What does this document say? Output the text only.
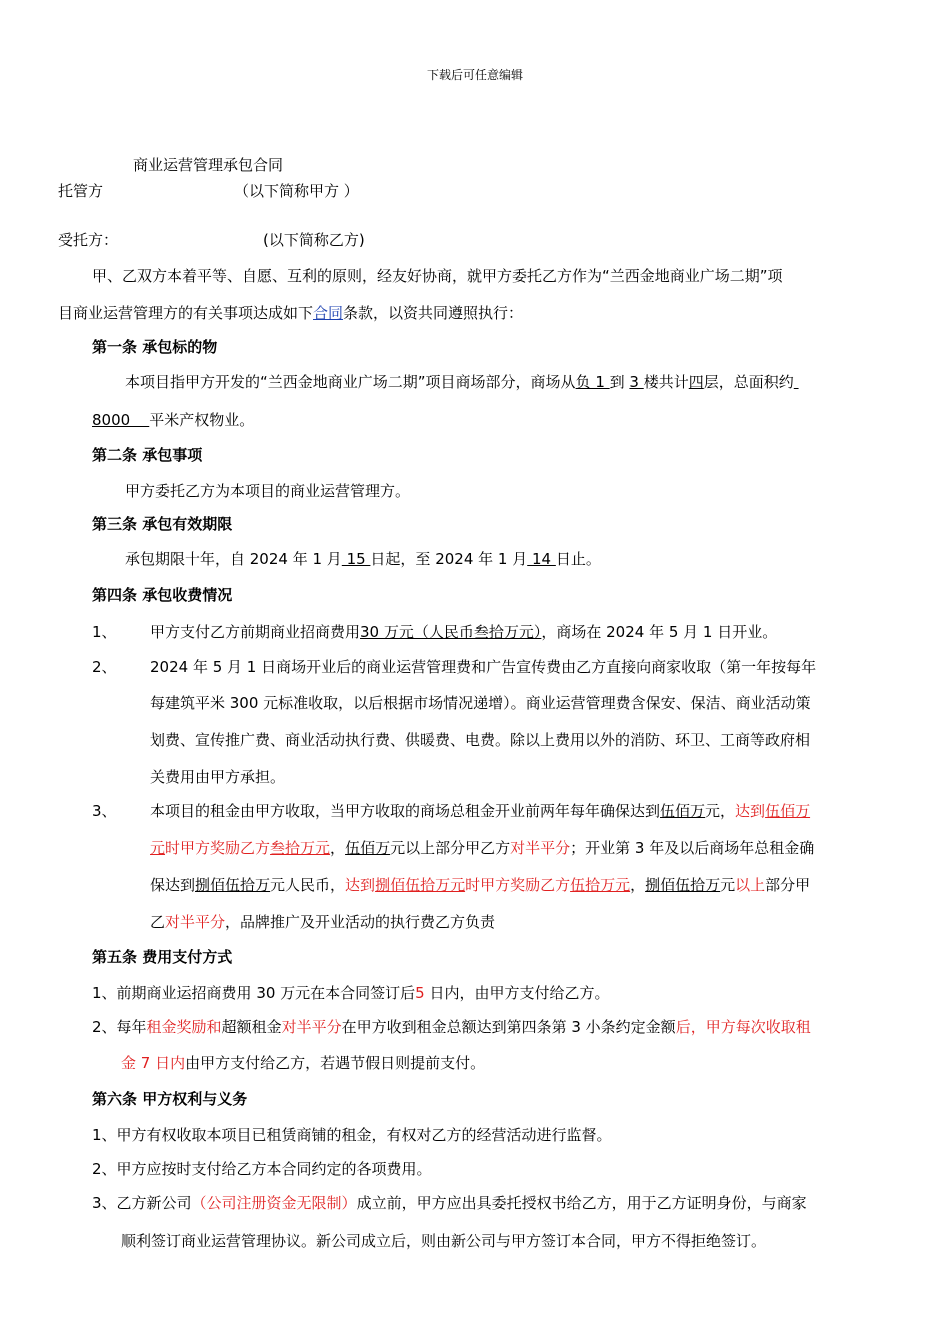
下载后可任意编辑
商业运营管理承包合同
托管方	（以下简称甲方 ）
受托方：	(以下简称乙方)
甲、乙双方本着平等、自愿、互利的原则，经友好协商，就甲方委托乙方作为“兰西金地商业广场二期”项
目商业运营管理方的有关事项达成如下合同条款，以资共同遵照执行：
第一条 承包标的物
本项目指甲方开发的“兰西金地商业广场二期”项目商场部分，商场从负 1 到 3 楼共计四层，总面积约
8000    平米产权物业。
第二条 承包事项
甲方委托乙方为本项目的商业运营管理方。
第三条 承包有效期限
承包期限十年，自 2024 年 1 月 15 日起，至 2024 年 1 月 14 日止。
第四条 承包收费情况
1、 甲方支付乙方前期商业招商费用30 万元（人民币叁拾万元），商场在 2024 年 5 月 1 日开业。
2、 2024 年 5 月 1 日商场开业后的商业运营管理费和广告宣传费由乙方直接向商家收取（第一年按每年
每建筑平米 300 元标准收取，以后根据市场情况递增）。商业运营管理费含保安、保洁、商业活动策
划费、宣传推广费、商业活动执行费、供暖费、电费。除以上费用以外的消防、环卫、工商等政府相
关费用由甲方承担。
3、 本项目的租金由甲方收取，当甲方收取的商场总租金开业前两年每年确保达到伍佰万元，达到伍佰万
元时甲方奖励乙方叁拾万元，伍佰万元以上部分甲乙方对半平分；开业第 3 年及以后商场年总租金确
保达到捌佰伍拾万元人民币，达到捌佰伍拾万元时甲方奖励乙方伍拾万元，捌佰伍拾万元以上部分甲
乙对半平分，品牌推广及开业活动的执行费乙方负责
第五条 费用支付方式
1、前期商业运招商费用 30 万元在本合同签订后5 日内，由甲方支付给乙方。
2、每年租金奖励和超额租金对半平分在甲方收到租金总额达到第四条第 3 小条约定金额后，甲方每次收取租
金 7 日内由甲方支付给乙方，若遇节假日则提前支付。
第六条 甲方权利与义务
1、甲方有权收取本项目已租赁商铺的租金，有权对乙方的经营活动进行监督。
2、甲方应按时支付给乙方本合同约定的各项费用。
3、乙方新公司（公司注册资金无限制）成立前，甲方应出具委托授权书给乙方，用于乙方证明身份，与商家
顺利签订商业运营管理协议。新公司成立后，则由新公司与甲方签订本合同，甲方不得拒绝签订。
